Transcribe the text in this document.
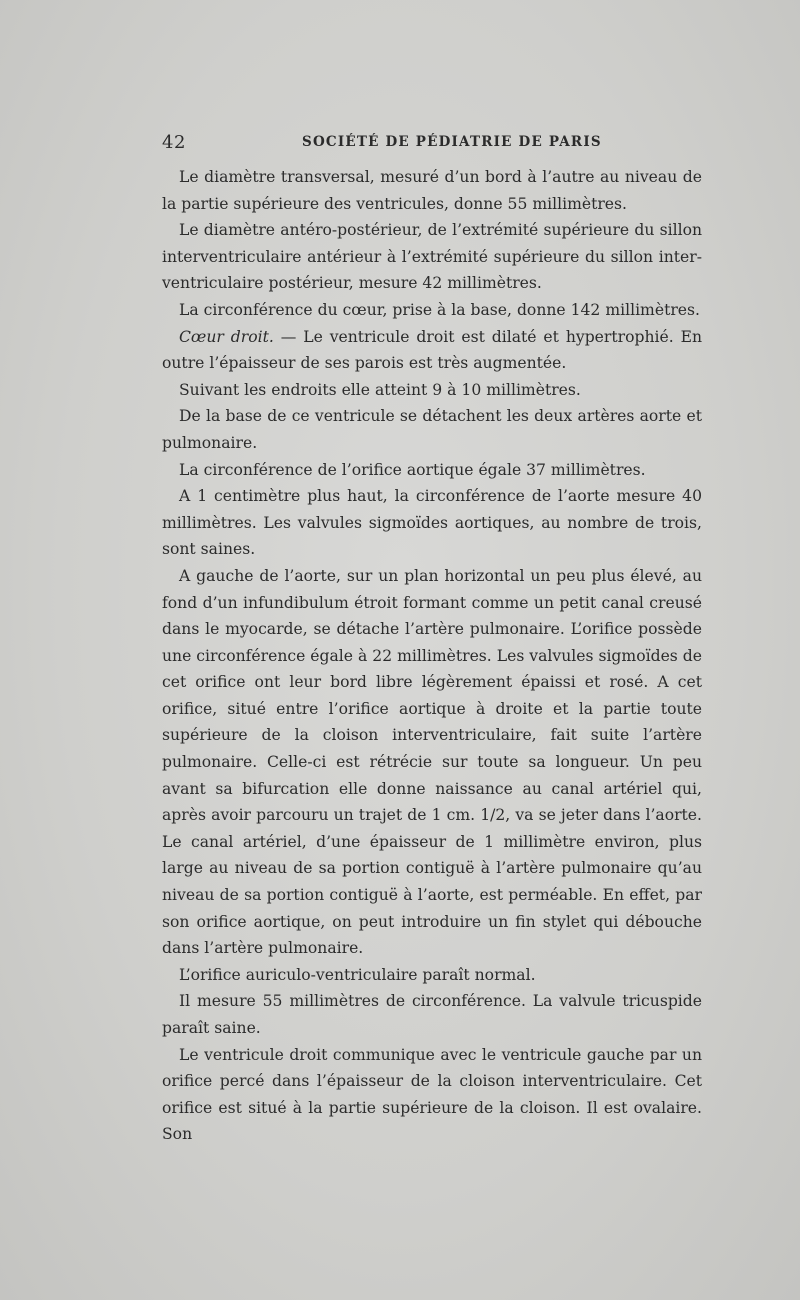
42	SOCIÉTÉ DE PÉDIATRIE DE PARIS

Le diamètre transversal, mesuré d’un bord à l’autre au niveau de la partie supérieure des ventricules, donne 55 millimètres.

Le diamètre antéro-postérieur, de l’extrémité supérieure du sillon interventriculaire antérieur à l’extrémité supérieure du sillon inter-ventriculaire postérieur, mesure 42 millimètres.

La circonférence du cœur, prise à la base, donne 142 millimètres.

Cœur droit. — Le ventricule droit est dilaté et hypertrophié. En outre l’épaisseur de ses parois est très augmentée.

Suivant les endroits elle atteint 9 à 10 millimètres.

De la base de ce ventricule se détachent les deux artères aorte et pulmonaire.

La circonférence de l’orifice aortique égale 37 millimètres.

A 1 centimètre plus haut, la circonférence de l’aorte mesure 40 millimètres. Les valvules sigmoïdes aortiques, au nombre de trois, sont saines.

A gauche de l’aorte, sur un plan horizontal un peu plus élevé, au fond d’un infundibulum étroit formant comme un petit canal creusé dans le myocarde, se détache l’artère pulmonaire. L’orifice possède une circonférence égale à 22 millimètres. Les valvules sigmoïdes de cet orifice ont leur bord libre légèrement épaissi et rosé. A cet orifice, situé entre l’orifice aortique à droite et la partie toute supérieure de la cloison interventriculaire, fait suite l’artère pulmonaire. Celle-ci est rétrécie sur toute sa longueur. Un peu avant sa bifurcation elle donne naissance au canal artériel qui, après avoir parcouru un trajet de 1 cm. 1/2, va se jeter dans l’aorte. Le canal artériel, d’une épaisseur de 1 millimètre environ, plus large au niveau de sa portion contiguë à l’artère pulmonaire qu’au niveau de sa portion contiguë à l’aorte, est perméable. En effet, par son orifice aortique, on peut introduire un fin stylet qui débouche dans l’artère pulmonaire.

L’orifice auriculo-ventriculaire paraît normal.

Il mesure 55 millimètres de circonférence. La valvule tricuspide paraît saine.

Le ventricule droit communique avec le ventricule gauche par un orifice percé dans l’épaisseur de la cloison interventriculaire. Cet orifice est situé à la partie supérieure de la cloison. Il est ovalaire. Son
